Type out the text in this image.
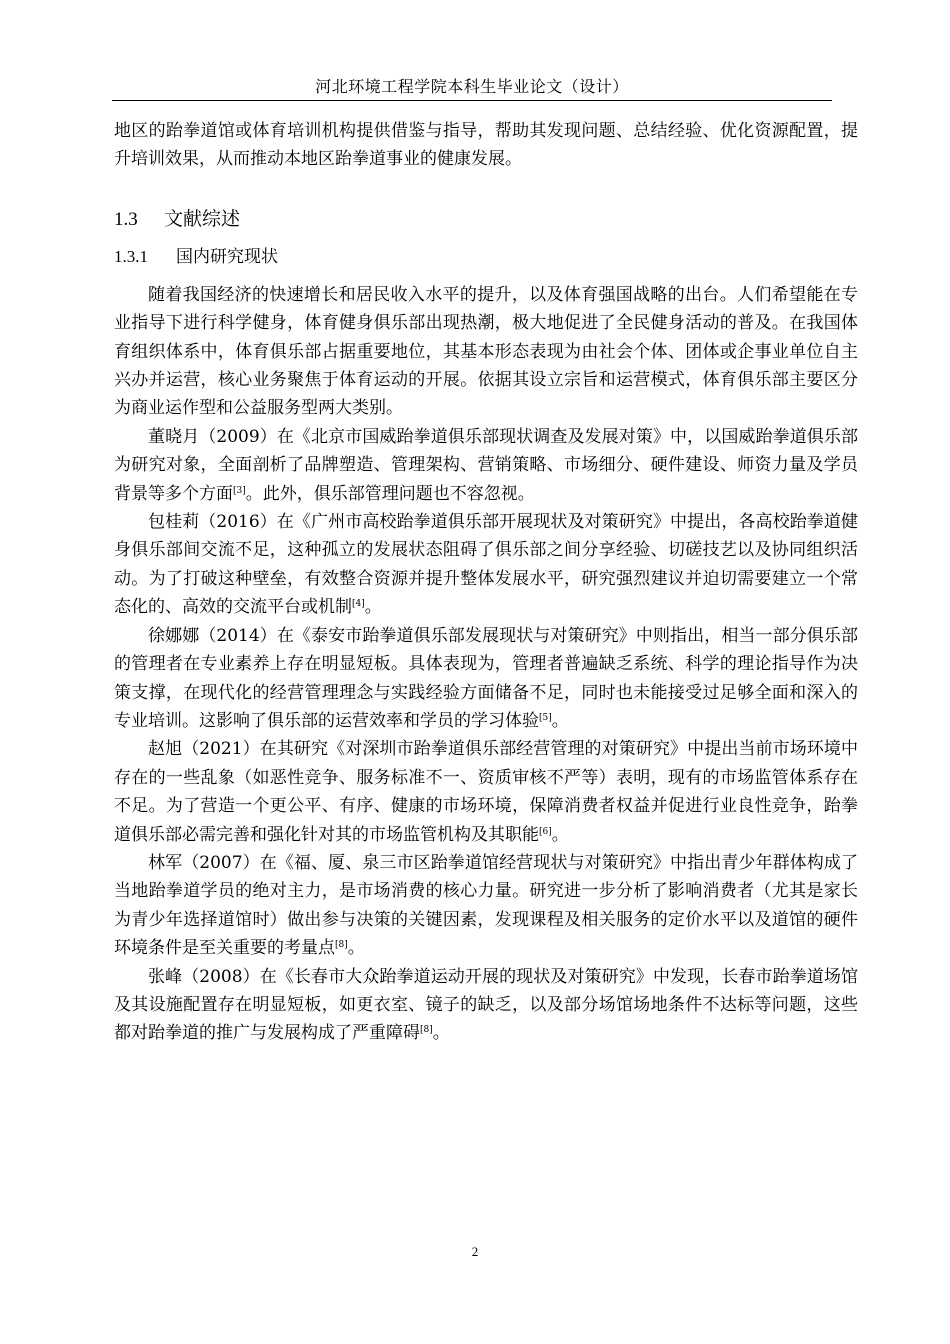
河北环境工程学院本科生毕业论文（设计）

地区的跆拳道馆或体育培训机构提供借鉴与指导，帮助其发现问题、总结经验、优化资源配置，提升培训效果，从而推动本地区跆拳道事业的健康发展。

1.3 文献综述
1.3.1 国内研究现状

随着我国经济的快速增长和居民收入水平的提升，以及体育强国战略的出台。人们希望能在专业指导下进行科学健身，体育健身俱乐部出现热潮，极大地促进了全民健身活动的普及。在我国体育组织体系中，体育俱乐部占据重要地位，其基本形态表现为由社会个体、团体或企事业单位自主兴办并运营，核心业务聚焦于体育运动的开展。依据其设立宗旨和运营模式，体育俱乐部主要区分为商业运作型和公益服务型两大类别。

董晓月（2009）在《北京市国威跆拳道俱乐部现状调查及发展对策》中，以国威跆拳道俱乐部为研究对象，全面剖析了品牌塑造、管理架构、营销策略、市场细分、硬件建设、师资力量及学员背景等多个方面[3]。此外，俱乐部管理问题也不容忽视。

包桂莉（2016）在《广州市高校跆拳道俱乐部开展现状及对策研究》中提出，各高校跆拳道健身俱乐部间交流不足，这种孤立的发展状态阻碍了俱乐部之间分享经验、切磋技艺以及协同组织活动。为了打破这种壁垒，有效整合资源并提升整体发展水平，研究强烈建议并迫切需要建立一个常态化的、高效的交流平台或机制[4]。

徐娜娜（2014）在《泰安市跆拳道俱乐部发展现状与对策研究》中则指出，相当一部分俱乐部的管理者在专业素养上存在明显短板。具体表现为，管理者普遍缺乏系统、科学的理论指导作为决策支撑，在现代化的经营管理理念与实践经验方面储备不足，同时也未能接受过足够全面和深入的专业培训。这影响了俱乐部的运营效率和学员的学习体验[5]。

赵旭（2021）在其研究《对深圳市跆拳道俱乐部经营管理的对策研究》中提出当前市场环境中存在的一些乱象（如恶性竞争、服务标准不一、资质审核不严等）表明，现有的市场监管体系存在不足。为了营造一个更公平、有序、健康的市场环境，保障消费者权益并促进行业良性竞争，跆拳道俱乐部必需完善和强化针对其的市场监管机构及其职能[6]。

林军（2007）在《福、厦、泉三市区跆拳道馆经营现状与对策研究》中指出青少年群体构成了当地跆拳道学员的绝对主力，是市场消费的核心力量。研究进一步分析了影响消费者（尤其是家长为青少年选择道馆时）做出参与决策的关键因素，发现课程及相关服务的定价水平以及道馆的硬件环境条件是至关重要的考量点[8]。

张峰（2008）在《长春市大众跆拳道运动开展的现状及对策研究》中发现，长春市跆拳道场馆及其设施配置存在明显短板，如更衣室、镜子的缺乏，以及部分场馆场地条件不达标等问题，这些都对跆拳道的推广与发展构成了严重障碍[8]。

2
